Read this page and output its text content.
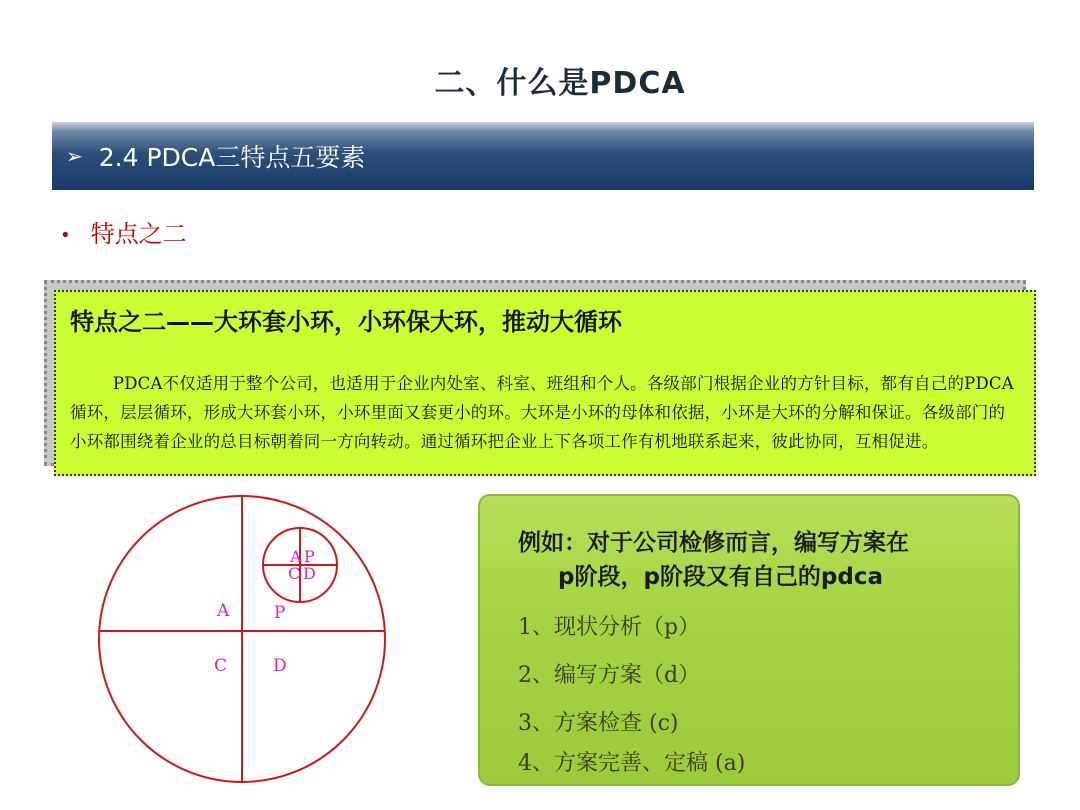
二、什么是PDCA
➢ 2.4 PDCA三特点五要素
• 特点之二
特点之二——大环套小环，小环保大环，推动大循环
PDCA不仅适用于整个公司，也适用于企业内处室、科室、班组和个人。各级部门根据企业的方针目标，都有自己的PDCA循环，层层循环，形成大环套小环，小环里面又套更小的环。大环是小环的母体和依据，小环是大环的分解和保证。各级部门的小环都围绕着企业的总目标朝着同一方向转动。通过循环把企业上下各项工作有机地联系起来，彼此协同，互相促进。
A	P
C	D
A P
C D
例如：对于公司检修而言，编写方案在
p阶段，p阶段又有自己的pdca
1、现状分析（p）
2、编写方案（d）
3、方案检查 (c)
4、方案完善、定稿 (a)
